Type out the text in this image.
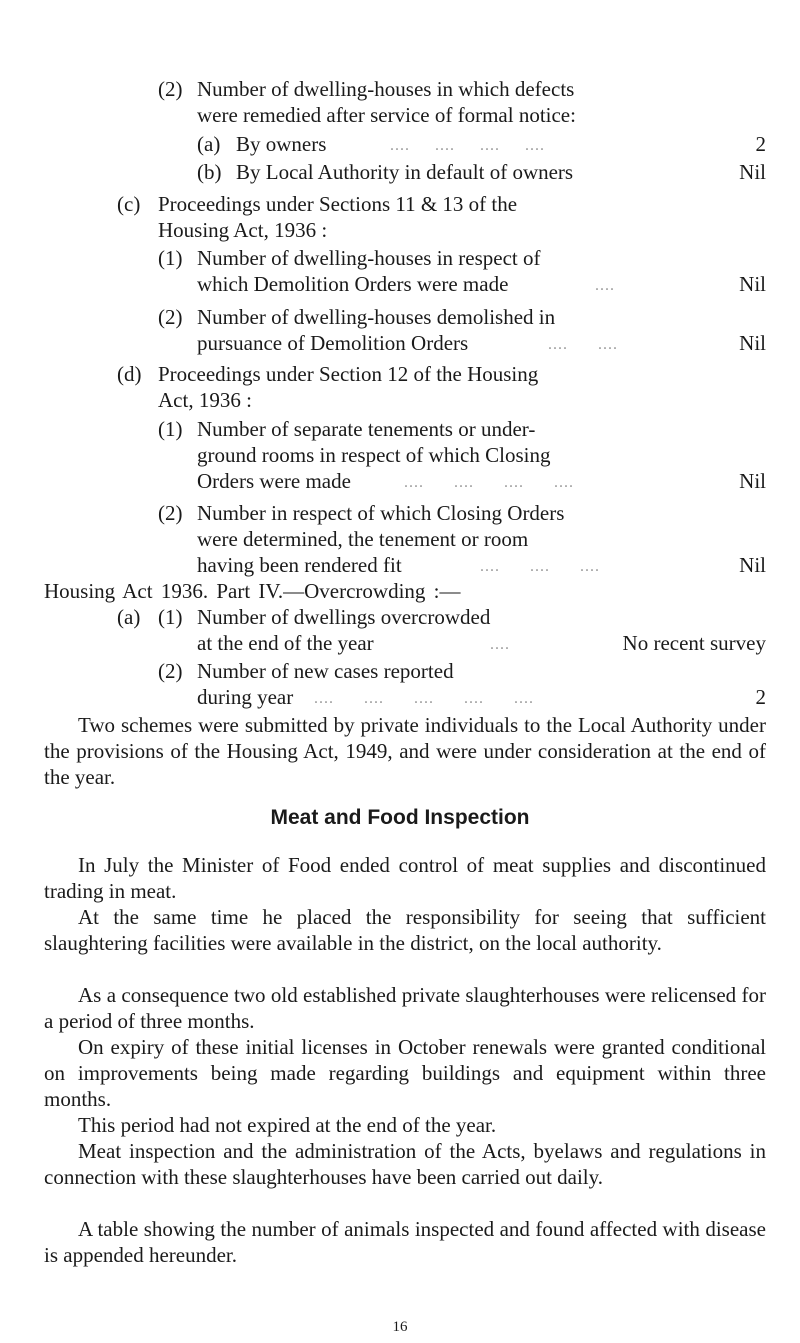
(2) Number of dwelling-houses in which defects
were remedied after service of formal notice:
(a) By owners	....     ....     ....     ....	2
(b) By Local Authority in default of owners	Nil
(c) Proceedings under Sections 11 & 13 of the
Housing Act, 1936 :
(1) Number of dwelling-houses in respect of
which Demolition Orders were made	....	Nil
(2) Number of dwelling-houses demolished in
pursuance of Demolition Orders	....      ....	Nil
(d) Proceedings under Section 12 of the Housing
Act, 1936 :
(1) Number of separate tenements or under-
ground rooms in respect of which Closing
Orders were made	....      ....      ....      ....	Nil
(2) Number in respect of which Closing Orders
were determined, the tenement or room
having been rendered fit	....      ....      ....	Nil
Housing Act 1936. Part IV.—Overcrowding :—
(a) (1) Number of dwellings overcrowded
at the end of the year	....	No recent survey
(2) Number of new cases reported
during year ....      ....      ....      ....      ....	2
Two schemes were submitted by private individuals to the Local Authority under the provisions of the Housing Act, 1949, and were under consideration at the end of the year.
Meat and Food Inspection
In July the Minister of Food ended control of meat supplies and discontinued trading in meat.
At the same time he placed the responsibility for seeing that sufficient slaughtering facilities were available in the district, on the local authority.
As a consequence two old established private slaughterhouses were relicensed for a period of three months.
On expiry of these initial licenses in October renewals were granted conditional on improvements being made regarding buildings and equipment within three months.
This period had not expired at the end of the year.
Meat inspection and the administration of the Acts, byelaws and regulations in connection with these slaughterhouses have been carried out daily.
A table showing the number of animals inspected and found affected with disease is appended hereunder.
16
